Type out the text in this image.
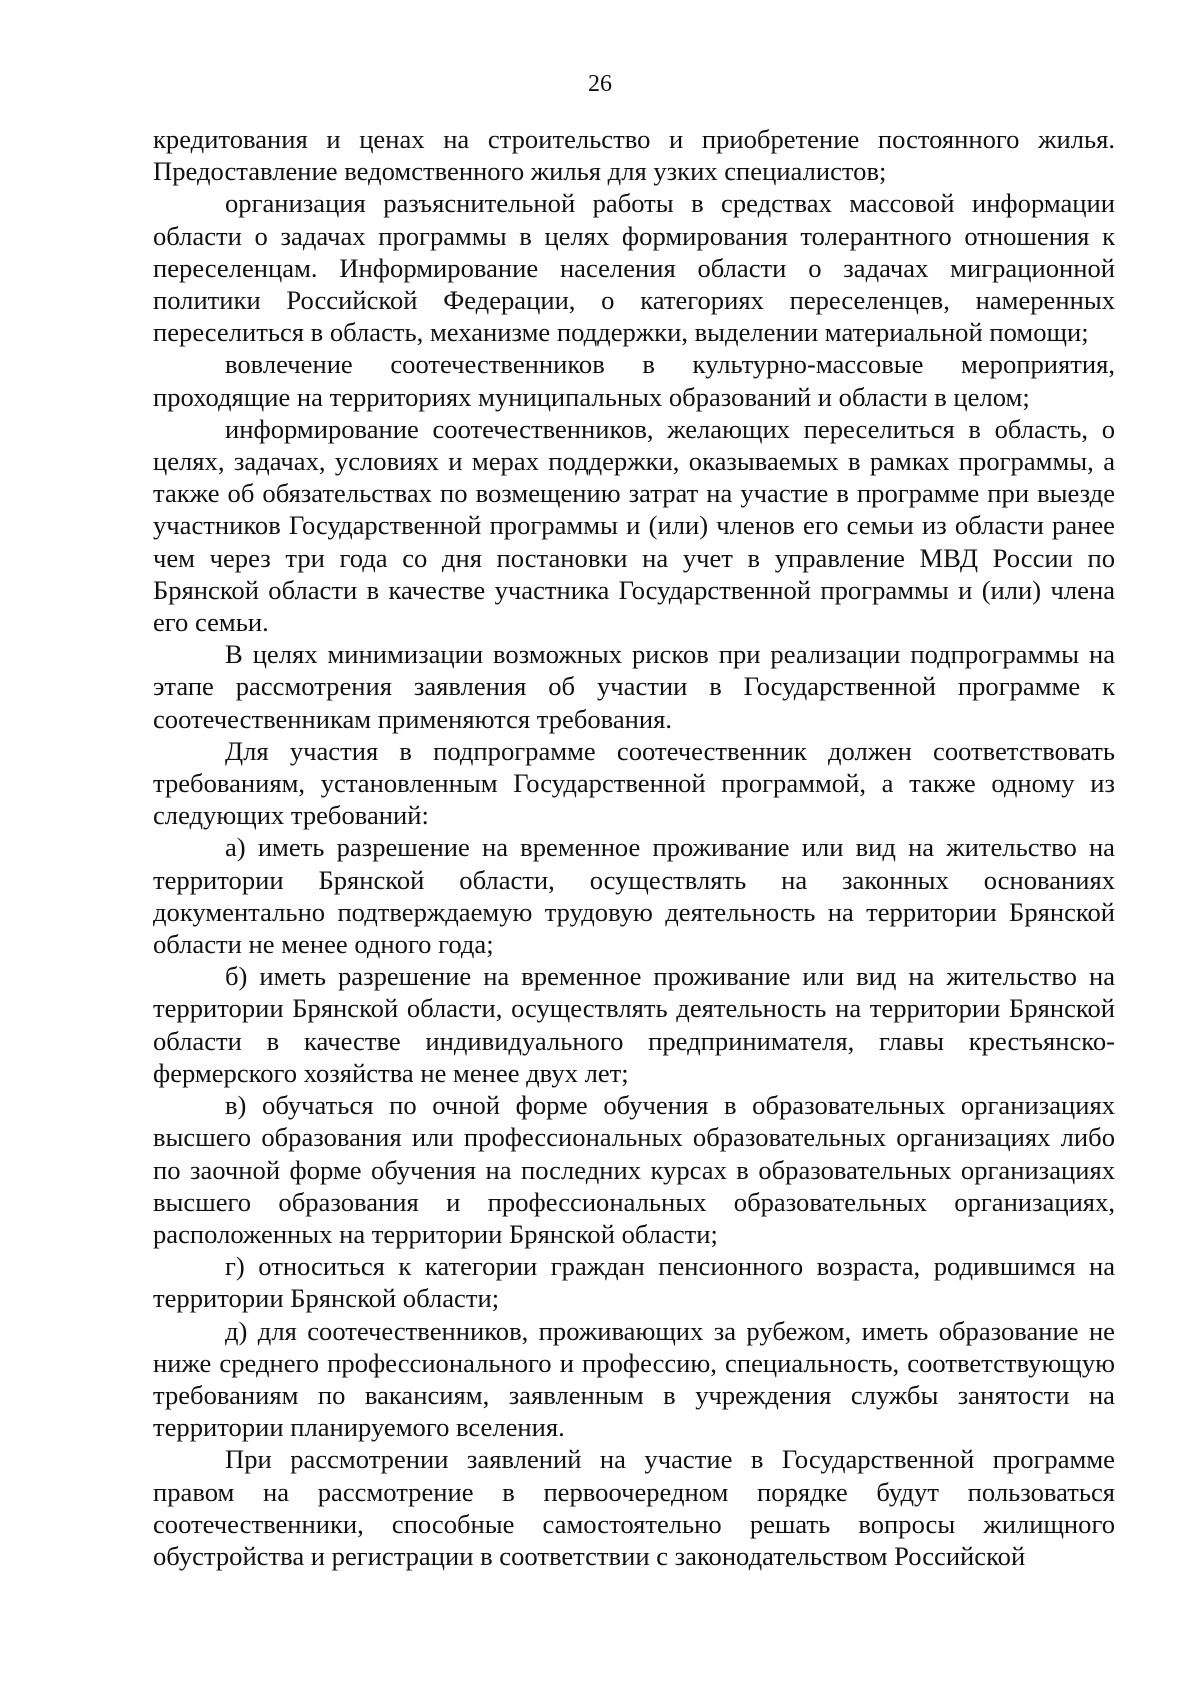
26

кредитования и ценах на строительство и приобретение постоянного жилья. Предоставление ведомственного жилья для узких специалистов;

организация разъяснительной работы в средствах массовой информации области о задачах программы в целях формирования толерантного отношения к переселенцам. Информирование населения области о задачах миграционной политики Российской Федерации, о категориях переселенцев, намеренных переселиться в область, механизме поддержки, выделении материальной помощи;

вовлечение соотечественников в культурно-массовые мероприятия, проходящие на территориях муниципальных образований и области в целом;

информирование соотечественников, желающих переселиться в область, о целях, задачах, условиях и мерах поддержки, оказываемых в рамках программы, а также об обязательствах по возмещению затрат на участие в программе при выезде участников Государственной программы и (или) членов его семьи из области ранее чем через три года со дня постановки на учет в управление МВД России по Брянской области в качестве участника Государственной программы и (или) члена его семьи.

В целях минимизации возможных рисков при реализации подпрограммы на этапе рассмотрения заявления об участии в Государственной программе к соотечественникам применяются требования.

Для участия в подпрограмме соотечественник должен соответствовать требованиям, установленным Государственной программой, а также одному из следующих требований:

а) иметь разрешение на временное проживание или вид на жительство на территории Брянской области, осуществлять на законных основаниях документально подтверждаемую трудовую деятельность на территории Брянской области не менее одного года;

б) иметь разрешение на временное проживание или вид на жительство на территории Брянской области, осуществлять деятельность на территории Брянской области в качестве индивидуального предпринимателя, главы крестьянско-фермерского хозяйства не менее двух лет;

в) обучаться по очной форме обучения в образовательных организациях высшего образования или профессиональных образовательных организациях либо по заочной форме обучения на последних курсах в образовательных организациях высшего образования и профессиональных образовательных организациях, расположенных на территории Брянской области;

г) относиться к категории граждан пенсионного возраста, родившимся на территории Брянской области;

д) для соотечественников, проживающих за рубежом, иметь образование не ниже среднего профессионального и профессию, специальность, соответствующую требованиям по вакансиям, заявленным в учреждения службы занятости на территории планируемого вселения.

При рассмотрении заявлений на участие в Государственной программе правом на рассмотрение в первоочередном порядке будут пользоваться соотечественники, способные самостоятельно решать вопросы жилищного обустройства и регистрации в соответствии с законодательством Российской
